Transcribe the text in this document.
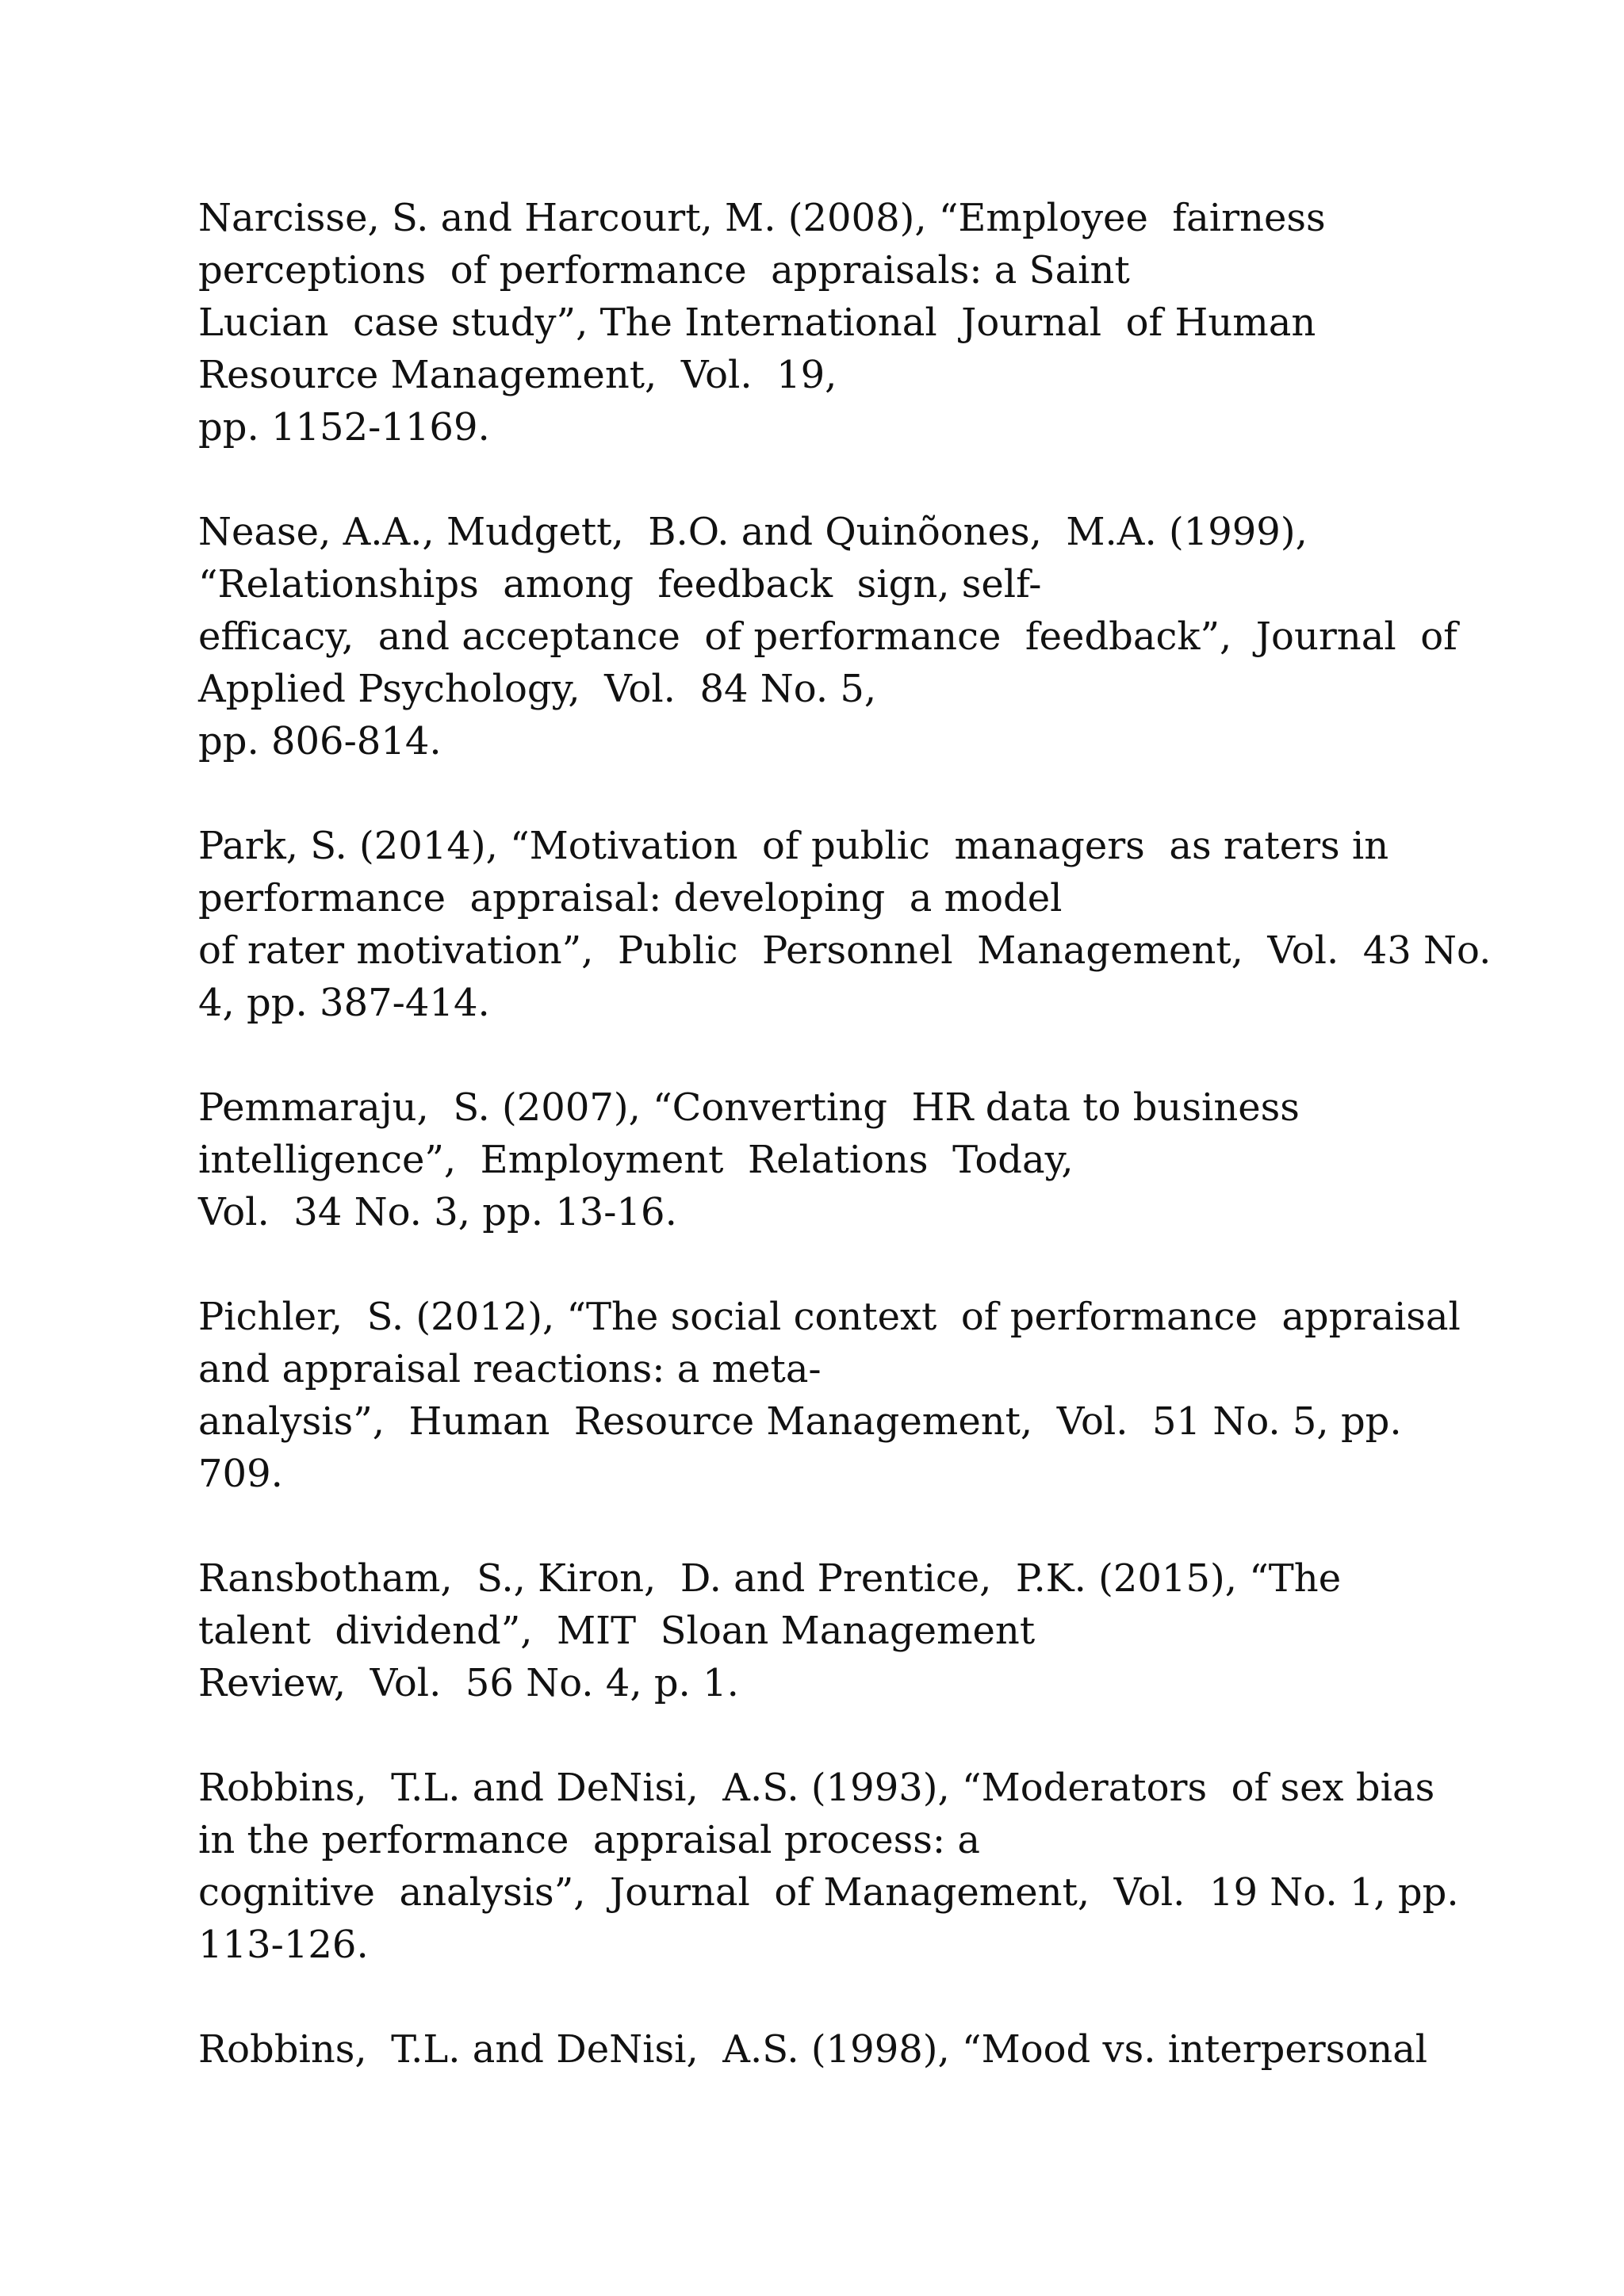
Narcisse, S. and Harcourt, M. (2008), “Employee  fairness
perceptions  of performance  appraisals: a Saint
Lucian  case study”, The International  Journal  of Human
Resource Management,  Vol.  19,
pp. 1152-1169.
Nease, A.A., Mudgett,  B.O. and Quinõones,  M.A. (1999),
“Relationships  among  feedback  sign, self-
efficacy,  and acceptance  of performance  feedback”,  Journal  of
Applied Psychology,  Vol.  84 No. 5,
pp. 806-814.
Park, S. (2014), “Motivation  of public  managers  as raters in
performance  appraisal: developing  a model
of rater motivation”,  Public  Personnel  Management,  Vol.  43 No.
4, pp. 387-414.
Pemmaraju,  S. (2007), “Converting  HR data to business
intelligence”,  Employment  Relations  Today,
Vol.  34 No. 3, pp. 13-16.
Pichler,  S. (2012), “The social context  of performance  appraisal
and appraisal reactions: a meta-
analysis”,  Human  Resource Management,  Vol.  51 No. 5, pp.
709.
Ransbotham,  S., Kiron,  D. and Prentice,  P.K. (2015), “The
talent  dividend”,  MIT  Sloan Management
Review,  Vol.  56 No. 4, p. 1.
Robbins,  T.L. and DeNisi,  A.S. (1993), “Moderators  of sex bias
in the performance  appraisal process: a
cognitive  analysis”,  Journal  of Management,  Vol.  19 No. 1, pp.
113-126.
Robbins,  T.L. and DeNisi,  A.S. (1998), “Mood vs. interpersonal
